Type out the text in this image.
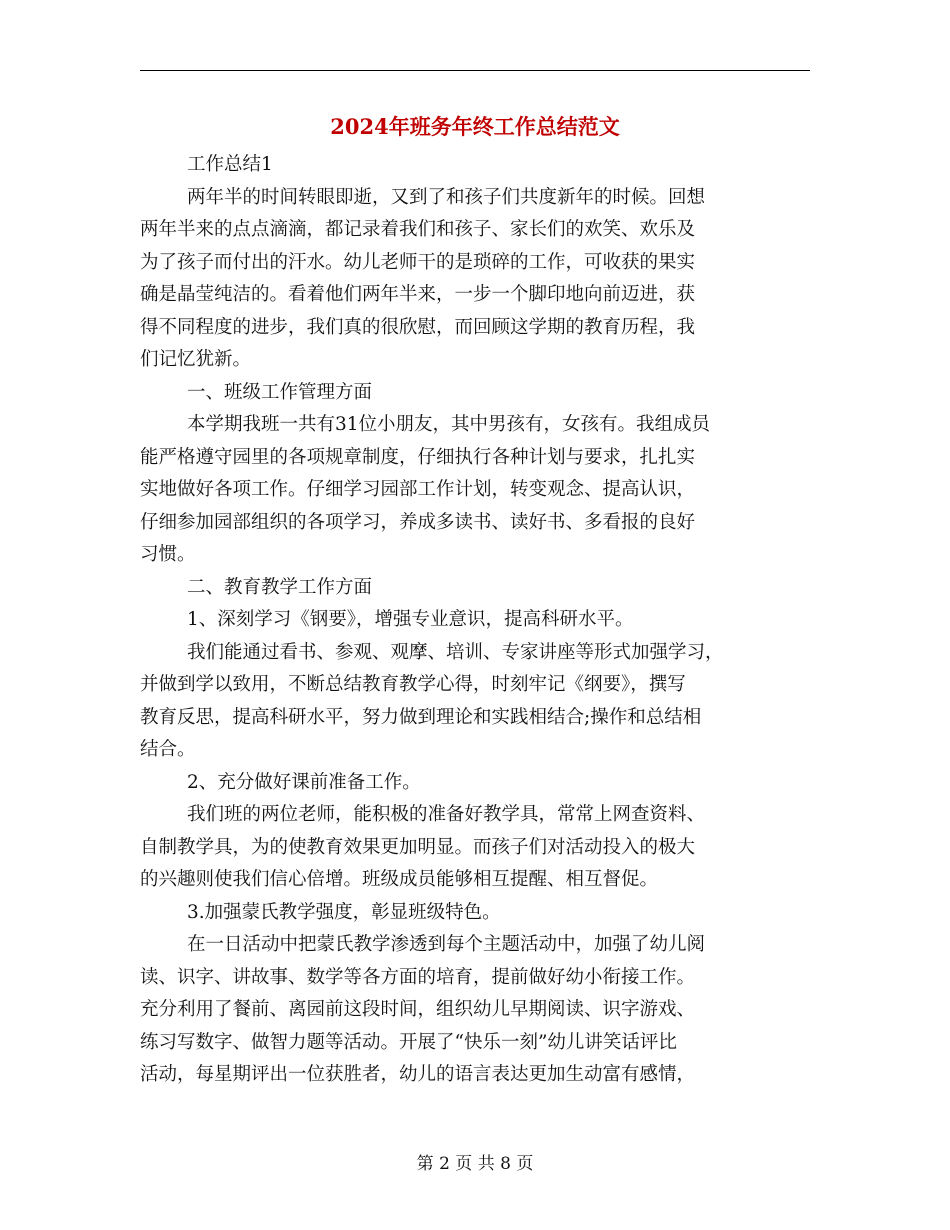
2024年班务年终工作总结范文
工作总结1
两年半的时间转眼即逝，又到了和孩子们共度新年的时候。回想
两年半来的点点滴滴，都记录着我们和孩子、家长们的欢笑、欢乐及
为了孩子而付出的汗水。幼儿老师干的是琐碎的工作，可收获的果实
确是晶莹纯洁的。看着他们两年半来，一步一个脚印地向前迈进，获
得不同程度的进步，我们真的很欣慰，而回顾这学期的教育历程，我
们记忆犹新。
一、班级工作管理方面
本学期我班一共有31位小朋友，其中男孩有，女孩有。我组成员
能严格遵守园里的各项规章制度，仔细执行各种计划与要求，扎扎实
实地做好各项工作。仔细学习园部工作计划，转变观念、提高认识，
仔细参加园部组织的各项学习，养成多读书、读好书、多看报的良好
习惯。
二、教育教学工作方面
1、深刻学习《钢要》，增强专业意识，提高科研水平。
我们能通过看书、参观、观摩、培训、专家讲座等形式加强学习，
并做到学以致用，不断总结教育教学心得，时刻牢记《纲要》，撰写
教育反思，提高科研水平，努力做到理论和实践相结合;操作和总结相
结合。
2、充分做好课前准备工作。
我们班的两位老师，能积极的准备好教学具，常常上网查资料、
自制教学具，为的使教育效果更加明显。而孩子们对活动投入的极大
的兴趣则使我们信心倍增。班级成员能够相互提醒、相互督促。
3.加强蒙氏教学强度，彰显班级特色。
在一日活动中把蒙氏教学渗透到每个主题活动中，加强了幼儿阅
读、识字、讲故事、数学等各方面的培育，提前做好幼小衔接工作。
充分利用了餐前、离园前这段时间，组织幼儿早期阅读、识字游戏、
练习写数字、做智力题等活动。开展了“快乐一刻”幼儿讲笑话评比
活动，每星期评出一位获胜者，幼儿的语言表达更加生动富有感情，
第 2 页 共 8 页
